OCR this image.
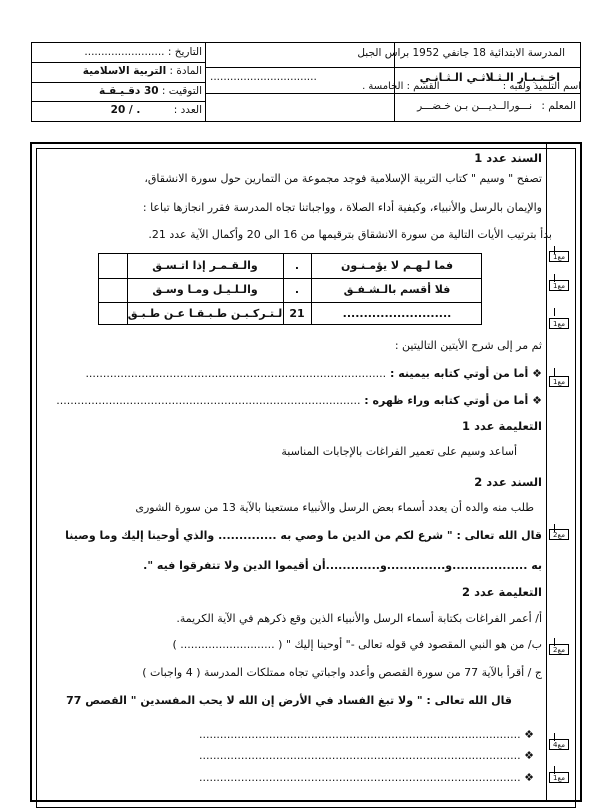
المدرسة الابتدائية 18 جانفي 1952 براس الجبل
اخـتـبـار الـثـلاثـي الـثـانـي
................................
المعلم : نـــورالــديـــن بـن خـضـــر
اسم التلميذ ولقبه : القسم : الخامسة .
التاريخ : ........................
المادة : التربية الاسلامية
التوقيت : 30 دقـيـقـة
العدد : . / 20
مع1
مع1
مع1
مع1
مع2
مع2
مع4
مع1
السند عدد 1
تصفح " وسيم " كتاب التربية الإسلامية فوجد مجموعة من التمارين حول سورة الانشقاق،
والإيمان بالرسل والأنبياء، وكيفية أداء الصلاة ، وواجباتنا تجاه المدرسة فقرر انجازها تباعا :
بدأ بترتيب الأيات التالية من سورة الانشقاق بترقيمها من 16 الى 20 وأكمال الآية عدد 21.
فما لـهـم لا يؤمـنـون
.
والـقـمـر إذا اتـسـق
فلا أقسم بالـشـفـق
.
والـلـيـل ومـا وسـق
..........................
21
لـتـركـبـن طـبـقـا عـن طـبـق
ثم مر إلى شرح الأيتين التاليتين :
❖ أما من أوتي كتابه بيمينه : ......................................................................................
❖ أما من أوتي كتابه وراء ظهره : .......................................................................................
التعليمة عدد 1
أساعد وسيم على تعمير الفراغات بالإجابات المناسبة
السند عدد 2
طلب منه والده أن يعدد أسماء بعض الرسل والأنبياء مستعينا بالآية 13 من سورة الشورى
قال الله تعالى : " شرع لكم من الدين ما وصي به .............. والذي أوحينا إليك وما وصينا
به ..................و..............و.............أن أقيموا الدين ولا تتفرقوا فيه ".
التعليمة عدد 2
أ/ أعمر الفراغات بكتابة أسماء الرسل والأنبياء الذين وقع ذكرهم في الآية الكريمة.
ب/ من هو النبي المقصود في قوله تعالى -" أوحينا إليك " ( ........................... )
ج / أقرأ بالآية 77 من سورة القصص وأعدد واجباتي تجاه ممتلكات المدرسة ( 4 واجبات )
قال الله تعالى : " ولا تبغ الفساد في الأرض إن الله لا يحب المفسدين " القصص 77
❖ ............................................................................................
❖ ............................................................................................
❖ ............................................................................................
